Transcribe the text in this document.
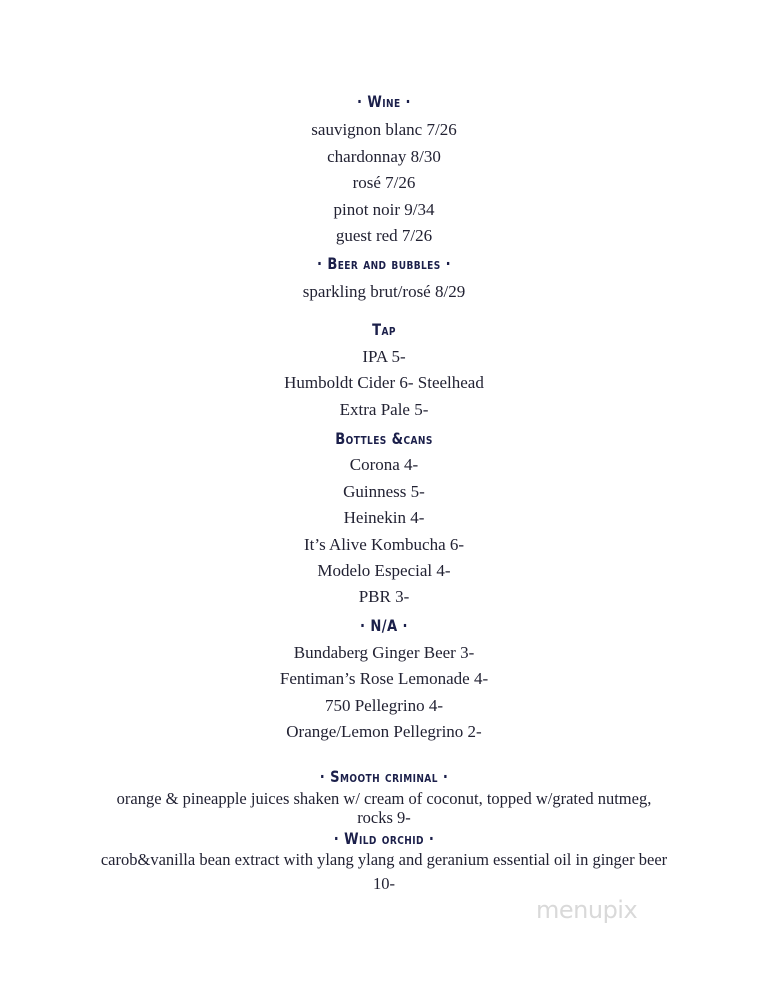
· Wine ·
sauvignon blanc 7/26
chardonnay 8/30
rosé 7/26
pinot noir 9/34
guest red 7/26
· Beer and bubbles ·
sparkling brut/rosé 8/29
Tap
IPA 5-
Humboldt Cider 6- Steelhead
Extra Pale 5-
Bottles &cans
Corona 4-
Guinness 5-
Heinekin 4-
It’s Alive Kombucha 6-
Modelo Especial 4-
PBR 3-
· N/A ·
Bundaberg Ginger Beer 3-
Fentiman’s Rose Lemonade 4-
750 Pellegrino 4-
Orange/Lemon Pellegrino 2-
· Smooth criminal ·
orange & pineapple juices shaken w/ cream of coconut, topped w/grated nutmeg,
rocks 9-
· Wild orchid ·
carob&vanilla bean extract with ylang ylang and geranium essential oil in ginger beer
10-
menupix
